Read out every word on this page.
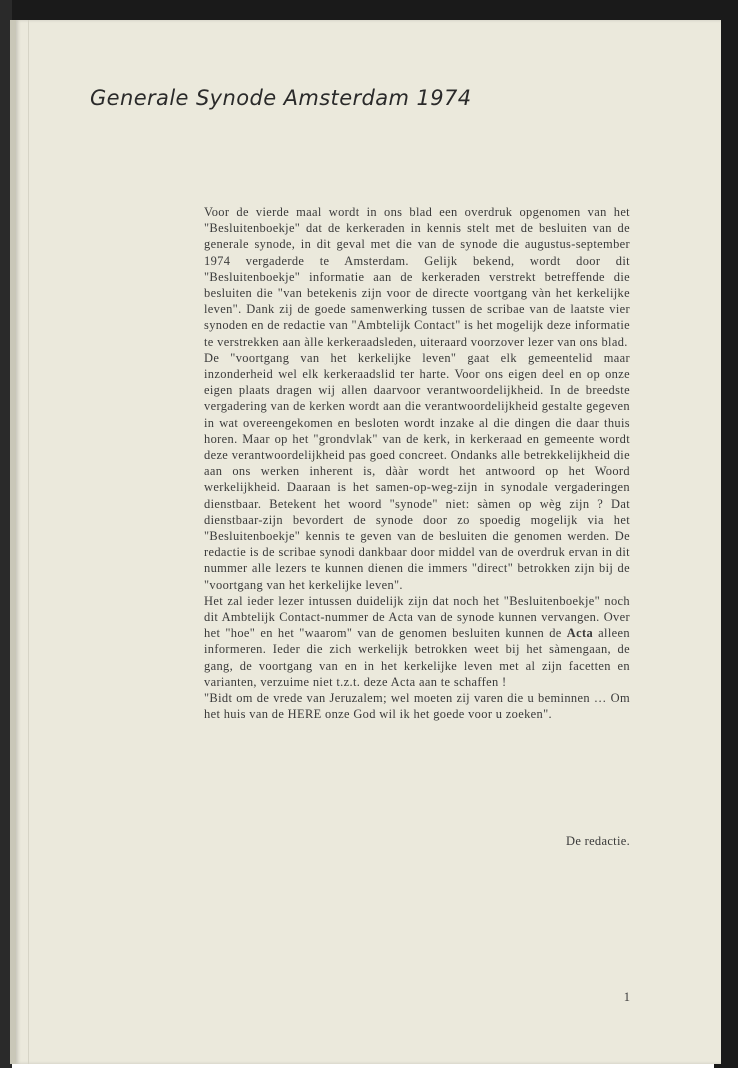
Generale Synode Amsterdam 1974

Voor de vierde maal wordt in ons blad een overdruk opgenomen van het "Besluitenboekje" dat de kerkeraden in kennis stelt met de besluiten van de generale synode, in dit geval met die van de synode die augustus-september 1974 vergaderde te Amsterdam. Gelijk bekend, wordt door dit "Besluitenboekje" informatie aan de kerkeraden verstrekt betreffende die besluiten die "van betekenis zijn voor de directe voortgang vàn het kerkelijke leven". Dank zij de goede samenwerking tussen de scribae van de laatste vier synoden en de redactie van "Ambtelijk Contact" is het mogelijk deze informatie te verstrekken aan àlle kerkeraadsleden, uiteraard voorzover lezer van ons blad.

De "voortgang van het kerkelijke leven" gaat elk gemeentelid maar inzonderheid wel elk kerkeraadslid ter harte. Voor ons eigen deel en op onze eigen plaats dragen wij allen daarvoor verantwoordelijkheid. In de breedste vergadering van de kerken wordt aan die verantwoordelijkheid gestalte gegeven in wat overeengekomen en besloten wordt inzake al die dingen die daar thuis horen. Maar op het "grondvlak" van de kerk, in kerkeraad en gemeente wordt deze verantwoordelijkheid pas goed concreet. Ondanks alle betrekkelijkheid die aan ons werken inherent is, dààr wordt het antwoord op het Woord werkelijkheid. Daaraan is het samen-op-weg-zijn in synodale vergaderingen dienstbaar. Betekent het woord "synode" niet: sàmen op wèg zijn ? Dat dienstbaar-zijn bevordert de synode door zo spoedig mogelijk via het "Besluitenboekje" kennis te geven van de besluiten die genomen werden. De redactie is de scribae synodi dankbaar door middel van de overdruk ervan in dit nummer alle lezers te kunnen dienen die immers "direct" betrokken zijn bij de "voortgang van het kerkelijke leven".

Het zal ieder lezer intussen duidelijk zijn dat noch het "Besluitenboekje" noch dit Ambtelijk Contact-nummer de Acta van de synode kunnen vervangen. Over het "hoe" en het "waarom" van de genomen besluiten kunnen de Acta alleen informeren. Ieder die zich werkelijk betrokken weet bij het sàmengaan, de gang, de voortgang van en in het kerkelijke leven met al zijn facetten en varianten, verzuime niet t.z.t. deze Acta aan te schaffen !

"Bidt om de vrede van Jeruzalem; wel moeten zij varen die u beminnen … Om het huis van de HERE onze God wil ik het goede voor u zoeken".

De redactie.
1
